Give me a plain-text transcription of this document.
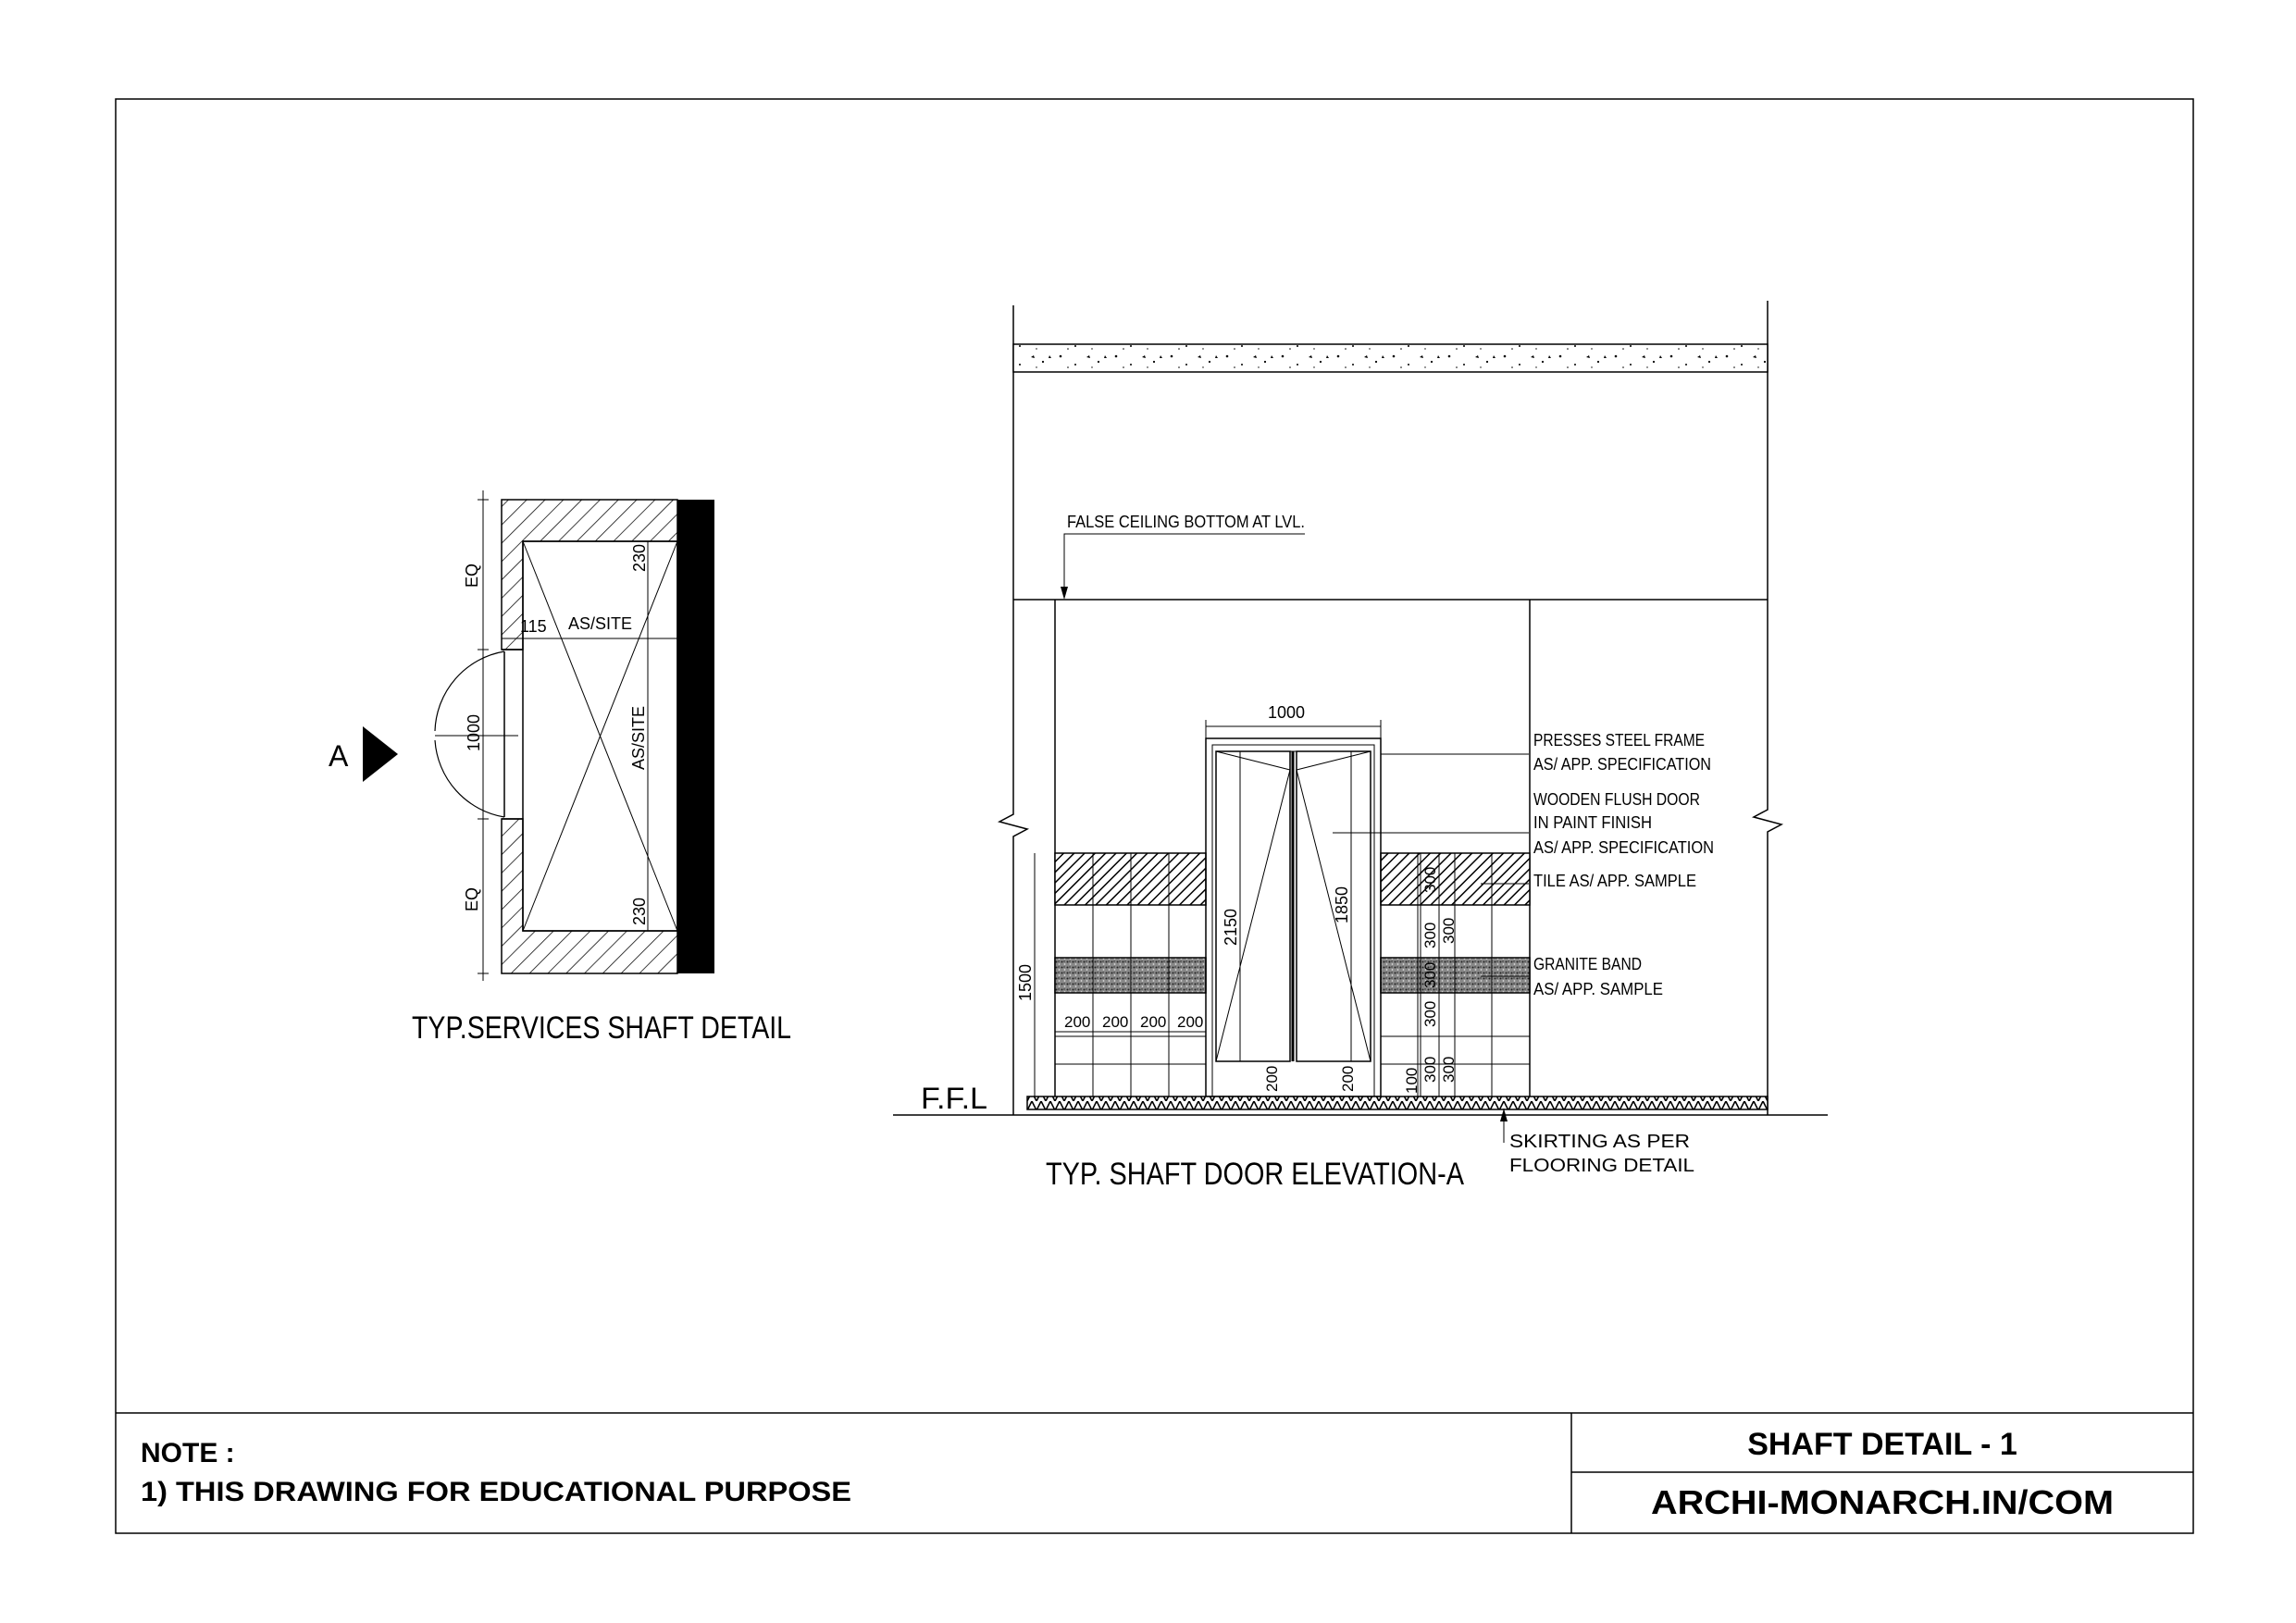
A
EQ
1000
EQ
230
230
AS/SITE
115 AS/SITE
TYP.SERVICES SHAFT DETAIL
1000
1500
2150
1850
200 200 200 200
200	200
300
300
300
300
300
300
300
100
FALSE CEILING BOTTOM AT LVL.
PRESSES STEEL FRAME
AS/ APP. SPECIFICATION
WOODEN FLUSH DOOR
IN PAINT FINISH
AS/ APP. SPECIFICATION
TILE AS/ APP. SAMPLE
GRANITE BAND
AS/ APP. SAMPLE
SKIRTING AS PER
FLOORING DETAIL
F.F.L
TYP. SHAFT DOOR ELEVATION-A
NOTE :
1) THIS DRAWING FOR EDUCATIONAL PURPOSE
SHAFT DETAIL - 1
ARCHI-MONARCH.IN/COM
